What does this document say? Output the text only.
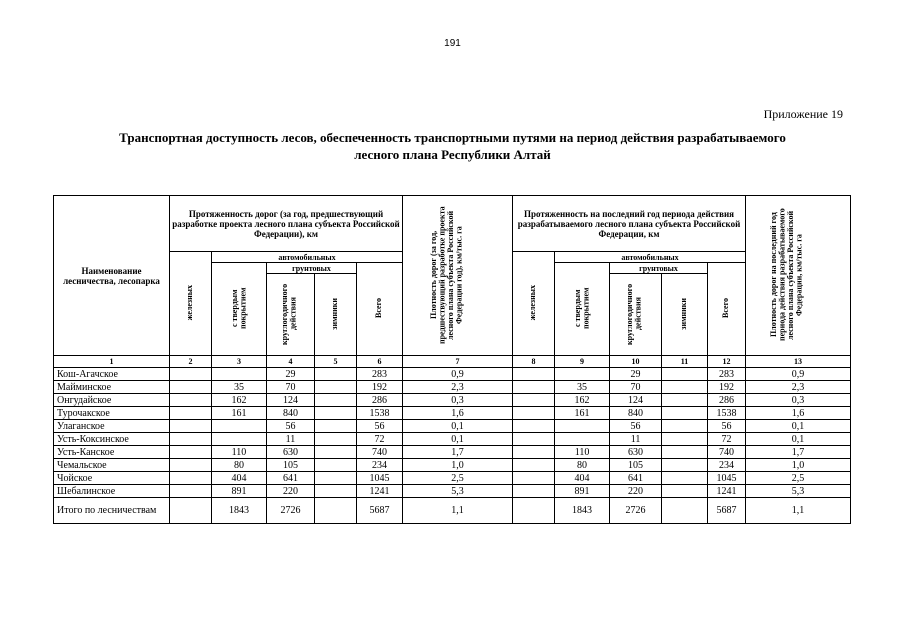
191
Приложение 19
Транспортная доступность лесов, обеспеченность транспортными путями на период действия разрабатываемого
лесного плана Республики Алтай
Наименование лесничества, лесопарка	Протяженность дорог (за год, предшествующий разработке проекта лесного плана субъекта Российской Федерации), км					Плотность дорог (за год, предшествующий разработке проекта лесного плана субъекта Российской Федерации год), км/тыс. га	Протяженность на последний год периода действия разрабатываемого лесного плана субъекта Российской Федерации, км					Плотность дорог на последний год периода действия разрабатываемого лесного плана субъекта Российской Федерации, км/тыс. га
	железных	автомобильных					железных	автомобильных				
		с твердым покрытием	грунтовых		Всего			с твердым покрытием	грунтовых		Всего	
			круглогодичного действия	зимники					круглогодичного действия	зимники		
1	2	3	4	5	6	7	8	9	10	11	12	13
Кош-Агачское			29		283	0,9			29		283	0,9
Майминское		35	70		192	2,3		35	70		192	2,3
Онгудайское		162	124		286	0,3		162	124		286	0,3
Турочакское		161	840		1538	1,6		161	840		1538	1,6
Улаганское			56		56	0,1			56		56	0,1
Усть-Коксинское			11		72	0,1			11		72	0,1
Усть-Канское		110	630		740	1,7		110	630		740	1,7
Чемальское		80	105		234	1,0		80	105		234	1,0
Чойское		404	641		1045	2,5		404	641		1045	2,5
Шебалинское		891	220		1241	5,3		891	220		1241	5,3
Итого по лесничествам		1843	2726		5687	1,1		1843	2726		5687	1,1
